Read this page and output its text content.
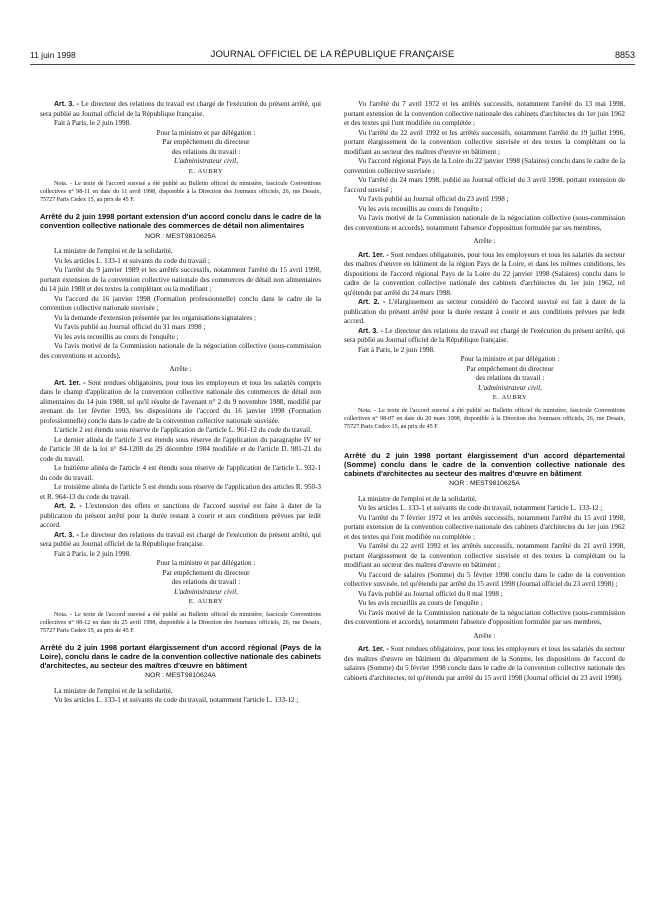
11 juin 1998	JOURNAL OFFICIEL DE LA RÉPUBLIQUE FRANÇAISE	8853

Art. 3. - Le directeur des relations du travail est chargé de l'exécution du présent arrêté, qui sera publié au Journal officiel de la République française.

Fait à Paris, le 2 juin 1998.

Pour la ministre et par délégation :
Par empêchement du directeur
des relations du travail :
L'administrateur civil,
E. AUBRY
Nota. - Le texte de l'accord susvisé a été publié au Bulletin officiel du ministère, fascicule Conventions collectives n° 98-11 en date du 11 avril 1998, disponible à la Direction des Journaux officiels, 26, rue Desaix, 75727 Paris Cedex 15, au prix de 45 F.
Arrêté du 2 juin 1998 portant extension d'un accord conclu dans le cadre de la convention collective nationale des commerces de détail non alimentaires
NOR : MEST9810625A

La ministre de l'emploi et de la solidarité,

Vu les articles L. 133-1 et suivants du code du travail ;

Vu l'arrêté du 9 janvier 1989 et les arrêtés successifs, notamment l'arrêté du 15 avril 1998, portant extension de la convention collective nationale des commerces de détail non alimentaires du 14 juin 1988 et des textes la complétant ou la modifiant ;

Vu l'accord du 16 janvier 1998 (Formation professionnelle) conclu dans le cadre de la convention collective nationale susvisée ;

Vu la demande d'extension présentée par les organisations signataires ;

Vu l'avis publié au Journal officiel du 31 mars 1998 ;

Vu les avis recueillis au cours de l'enquête ;

Vu l'avis motivé de la Commission nationale de la négociation collective (sous-commission des conventions et accords),

Arrête :

Art. 1er. - Sont rendues obligatoires, pour tous les employeurs et tous les salariés compris dans le champ d'application de la convention collective nationale des commerces de détail non alimentaires du 14 juin 1988, tel qu'il résulte de l'avenant n° 2 du 9 novembre 1988, modifié par avenant du 1er février 1993, les dispositions de l'accord du 16 janvier 1998 (Formation professionnelle) conclu dans le cadre de la convention collective nationale susvisée.

L'article 2 est étendu sous réserve de l'application de l'article L. 961-12 du code du travail.

Le dernier alinéa de l'article 3 est étendu sous réserve de l'application du paragraphe IV ter de l'article 30 de la loi n° 84-1208 du 29 décembre 1984 modifiée et de l'article D. 981-21 du code du travail.

Le huitième alinéa de l'article 4 est étendu sous réserve de l'application de l'article L. 932-1 du code du travail.

Le troisième alinéa de l'article 5 est étendu sous réserve de l'application des articles R. 950-3 et R. 964-13 du code du travail.

Art. 2. - L'extension des effets et sanctions de l'accord susvisé est faite à dater de la publication du présent arrêté pour la durée restant à courir et aux conditions prévues par ledit accord.

Art. 3. - Le directeur des relations du travail est chargé de l'exécution du présent arrêté, qui sera publié au Journal officiel de la République française.

Fait à Paris, le 2 juin 1998.

Pour la ministre et par délégation :
Par empêchement du directeur
des relations du travail :
L'administrateur civil,
E. AUBRY
Nota. - Le texte de l'accord susvisé a été publié au Bulletin officiel du ministère, fascicule Conventions collectives n° 98-12 en date du 25 avril 1998, disponible à la Direction des Journaux officiels, 26, rue Desaix, 75727 Paris Cedex 15, au prix de 45 F.
Arrêté du 2 juin 1998 portant élargissement d'un accord régional (Pays de la Loire), conclu dans le cadre de la convention collective nationale des cabinets d'architectes, au secteur des maîtres d'œuvre en bâtiment
NOR : MEST9810624A

La ministre de l'emploi et de la solidarité,

Vu les articles L. 133-1 et suivants du code du travail, notamment l'article L. 133-12 ;

Vu l'arrêté du 7 avril 1972 et les arrêtés successifs, notamment l'arrêté du 13 mai 1998, portant extension de la convention collective nationale des cabinets d'architectes du 1er juin 1962 et des textes qui l'ont modifiée ou complétée ;

Vu l'arrêté du 22 avril 1992 et les arrêtés successifs, notamment l'arrêté du 19 juillet 1996, portant élargissement de la convention collective susvisée et des textes la complétant ou la modifiant au secteur des maîtres d'œuvre en bâtiment ;

Vu l'accord régional Pays de la Loire du 22 janvier 1998 (Salaires) conclu dans le cadre de la convention collective susvisée ;

Vu l'arrêté du 24 mars 1998, publié au Journal officiel du 3 avril 1998, portant extension de l'accord susvisé ;

Vu l'avis publié au Journal officiel du 23 avril 1998 ;

Vu les avis recueillis au cours de l'enquête ;

Vu l'avis motivé de la Commission nationale de la négociation collective (sous-commission des conventions et accords), notamment l'absence d'opposition formulée par ses membres,

Arrête :

Art. 1er. - Sont rendues obligatoires, pour tous les employeurs et tous les salariés du secteur des maîtres d'œuvre en bâtiment de la région Pays de la Loire, et dans les mêmes conditions, les dispositions de l'accord régional Pays de la Loire du 22 janvier 1998 (Salaires) conclu dans le cadre de la convention collective nationale des cabinets d'architectes du 1er juin 1962, tel qu'étendu par arrêté du 24 mars 1998.

Art. 2. - L'élargissement au secteur considéré de l'accord susvisé est fait à dater de la publication du présent arrêté pour la durée restant à courir et aux conditions prévues par ledit accord.

Art. 3. - Le directeur des relations du travail est chargé de l'exécution du présent arrêté, qui sera publié au Journal officiel de la République française.

Fait à Paris, le 2 juin 1998.

Pour la ministre et par délégation :
Par empêchement du directeur
des relations du travail :
L'administrateur civil,
E. AUBRY
Nota. - Le texte de l'accord susvisé a été publié au Bulletin officiel du ministère, fascicule Conventions collectives n° 98-07 en date du 20 mars 1998, disponible à la Direction des Journaux officiels, 26, rue Desaix, 75727 Paris Cedex 15, au prix de 45 F.
Arrêté du 2 juin 1998 portant élargissement d'un accord départemental (Somme) conclu dans le cadre de la convention collective nationale des cabinets d'architectes au secteur des maîtres d'œuvre en bâtiment
NOR : MEST9810625A

La ministre de l'emploi et de la solidarité,

Vu les articles L. 133-1 et suivants du code du travail, notamment l'article L. 133-12 ;

Vu l'arrêté du 7 février 1972 et les arrêtés successifs, notamment l'arrêté du 15 avril 1998, portant extension de la convention collective nationale des cabinets d'architectes du 1er juin 1962 et des textes qui l'ont modifiée ou complétée ;

Vu l'arrêté du 22 avril 1992 et les arrêtés successifs, notamment l'arrêté du 21 avril 1998, portant élargissement de la convention collective susvisée et des textes la complétant ou la modifiant au secteur des maîtres d'œuvre en bâtiment ;

Vu l'accord de salaires (Somme) du 5 février 1998 conclu dans le cadre de la convention collective susvisée, tel qu'étendu par arrêté du 15 avril 1998 (Journal officiel du 23 avril 1998) ;

Vu l'avis publié au Journal officiel du 8 mai 1998 ;

Vu les avis recueillis au cours de l'enquête ;

Vu l'avis motivé de la Commission nationale de la négociation collective (sous-commission des conventions et accords), notamment l'absence d'opposition formulée par ses membres,

Arrête :

Art. 1er. - Sont rendues obligatoires, pour tous les employeurs et tous les salariés du secteur des maîtres d'œuvre en bâtiment du département de la Somme, les dispositions de l'accord de salaires (Somme) du 5 février 1998 conclu dans le cadre de la convention collective nationale des cabinets d'architectes, tel qu'étendu par arrêté du 15 avril 1998 (Journal officiel du 23 avril 1998).
